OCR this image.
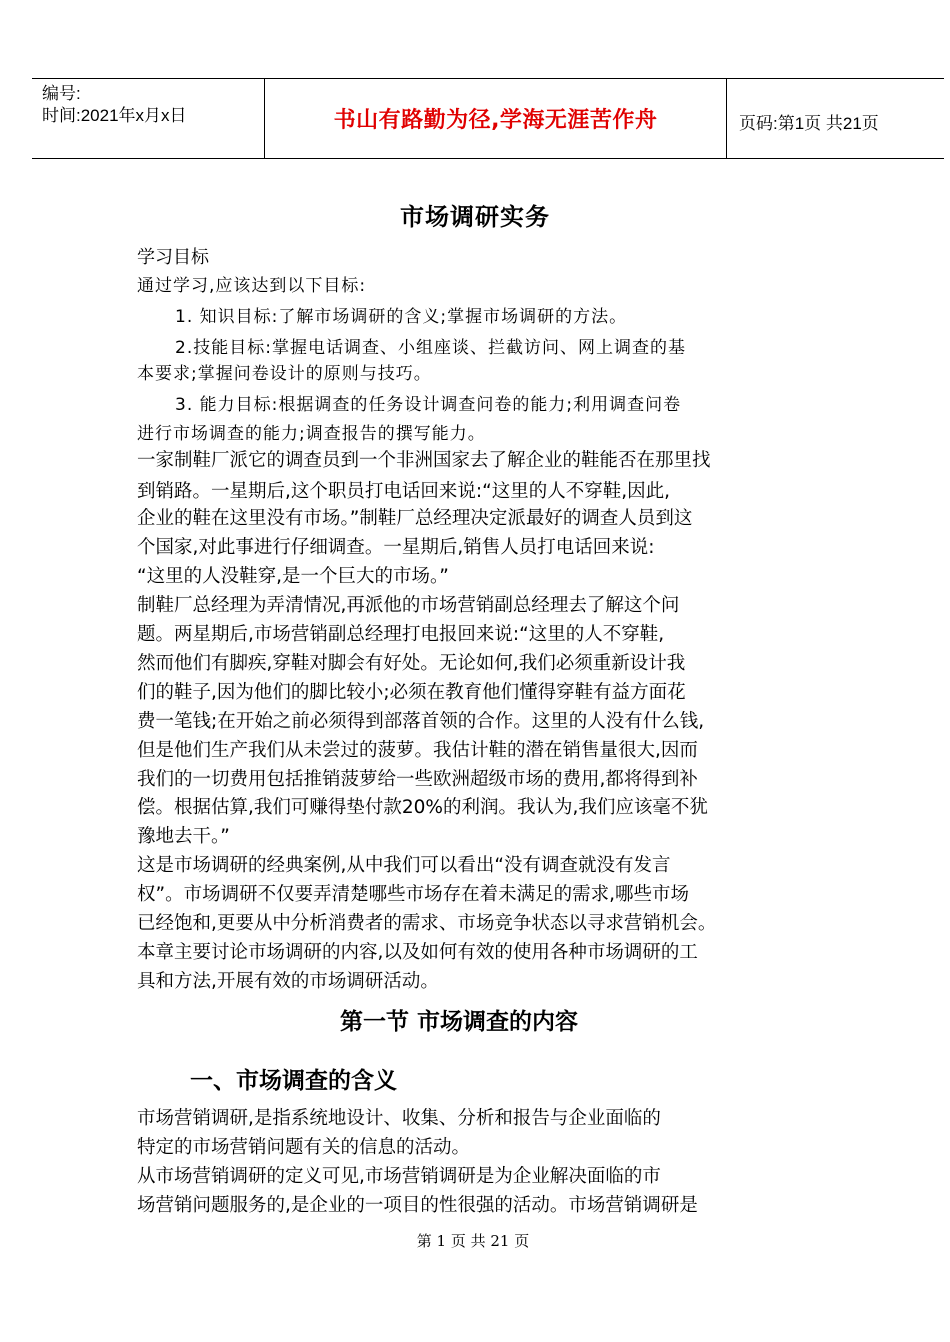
编号:
时间:2021年x月x日	书山有路勤为径,学海无涯苦作舟	页码:第1页 共21页
市场调研实务
学习目标
通过学习,应该达到以下目标:
1. 知识目标:了解市场调研的含义;掌握市场调研的方法。
2.技能目标:掌握电话调查、小组座谈、拦截访问、网上调查的基
本要求;掌握问卷设计的原则与技巧。
3. 能力目标:根据调查的任务设计调查问卷的能力;利用调查问卷
进行市场调查的能力;调查报告的撰写能力。
一家制鞋厂派它的调查员到一个非洲国家去了解企业的鞋能否在那里找
到销路。一星期后,这个职员打电话回来说:“这里的人不穿鞋,因此,
企业的鞋在这里没有市场。”制鞋厂总经理决定派最好的调查人员到这
个国家,对此事进行仔细调查。一星期后,销售人员打电话回来说:
“这里的人没鞋穿,是一个巨大的市场。”
制鞋厂总经理为弄清情况,再派他的市场营销副总经理去了解这个问
题。两星期后,市场营销副总经理打电报回来说:“这里的人不穿鞋,
然而他们有脚疾,穿鞋对脚会有好处。无论如何,我们必须重新设计我
们的鞋子,因为他们的脚比较小;必须在教育他们懂得穿鞋有益方面花
费一笔钱;在开始之前必须得到部落首领的合作。这里的人没有什么钱,
但是他们生产我们从未尝过的菠萝。我估计鞋的潜在销售量很大,因而
我们的一切费用包括推销菠萝给一些欧洲超级市场的费用,都将得到补
偿。根据估算,我们可赚得垫付款20%的利润。我认为,我们应该毫不犹
豫地去干。”
这是市场调研的经典案例,从中我们可以看出“没有调查就没有发言
权”。市场调研不仅要弄清楚哪些市场存在着未满足的需求,哪些市场
已经饱和,更要从中分析消费者的需求、市场竞争状态以寻求营销机会。
本章主要讨论市场调研的内容,以及如何有效的使用各种市场调研的工
具和方法,开展有效的市场调研活动。
第一节 市场调查的内容
一、市场调查的含义
市场营销调研,是指系统地设计、收集、分析和报告与企业面临的
特定的市场营销问题有关的信息的活动。
从市场营销调研的定义可见,市场营销调研是为企业解决面临的市
场营销问题服务的,是企业的一项目的性很强的活动。市场营销调研是
第 1 页 共 21 页
